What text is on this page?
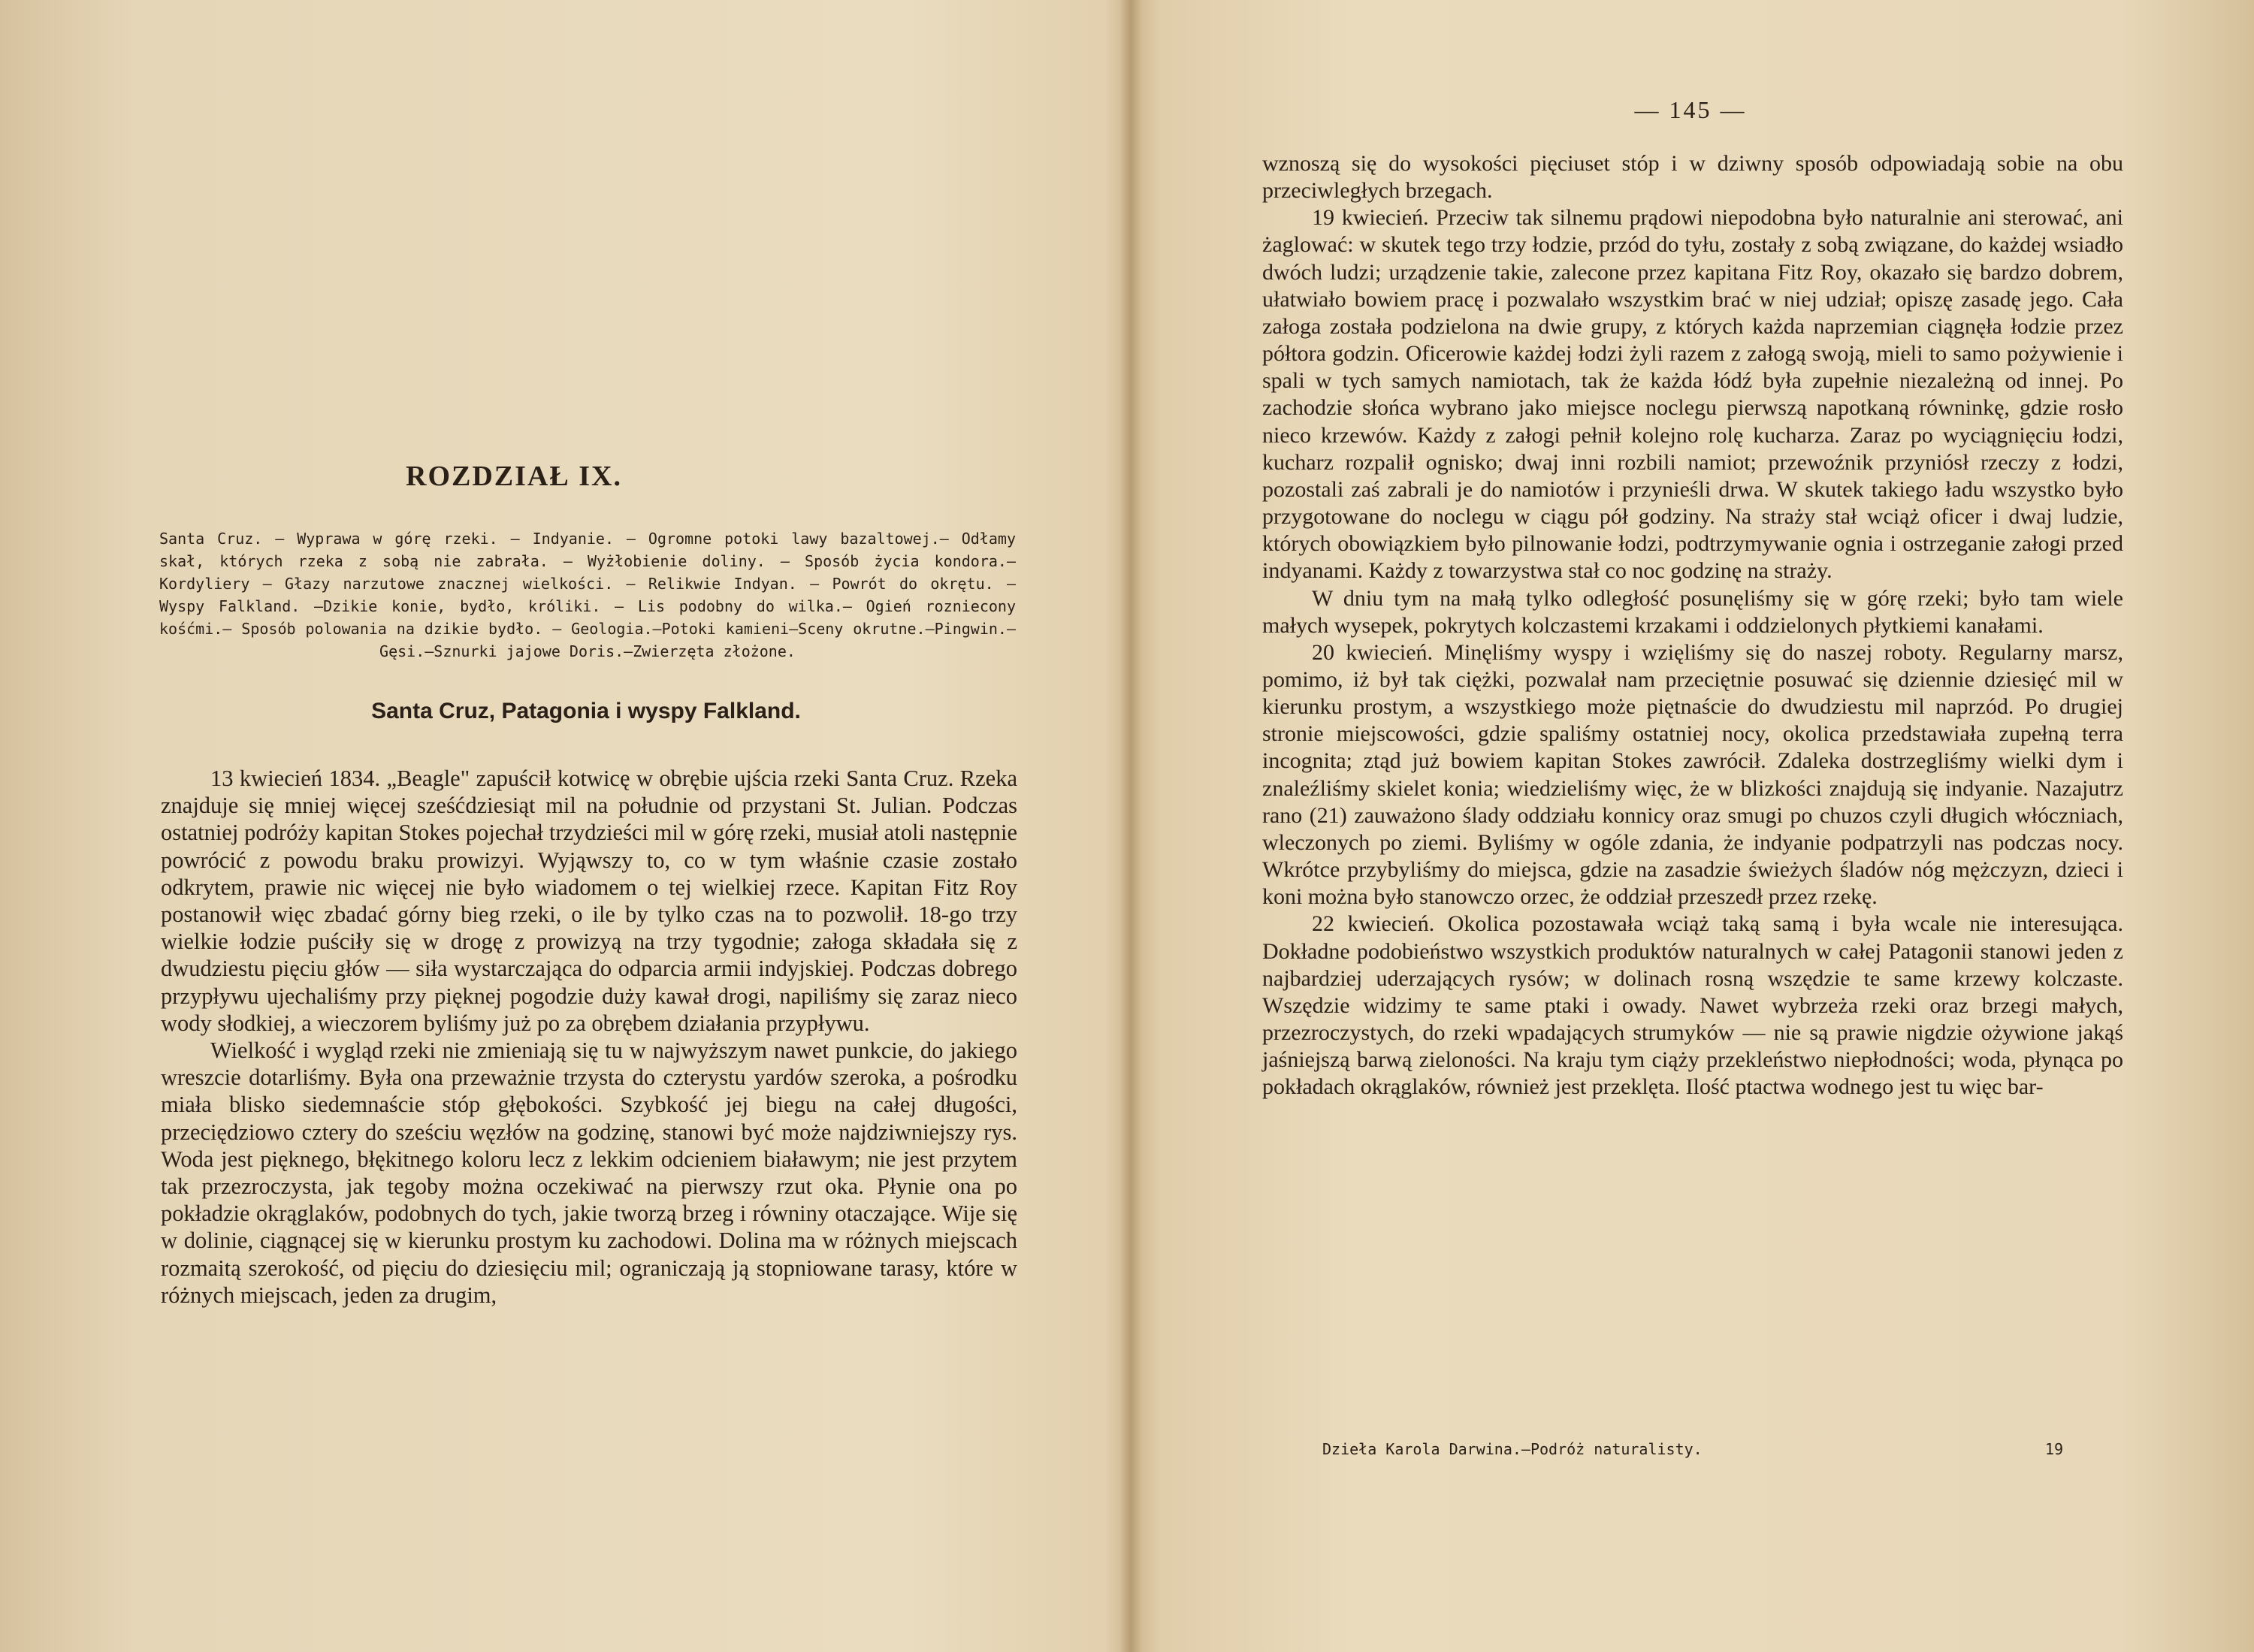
ROZDZIAŁ IX.

Santa Cruz. — Wyprawa w górę rzeki. — Indyanie. — Ogromne potoki lawy bazaltowej.— Odłamy skał, których rzeka z sobą nie zabrała. — Wyżłobienie doliny. — Sposób życia kondora.—Kordyliery — Głazy narzutowe znacznej wielkości. — Relikwie Indyan. — Powrót do okrętu. — Wyspy Falkland. —Dzikie konie, bydło, króliki. — Lis podobny do wilka.— Ogień rozniecony kośćmi.— Sposób polowania na dzikie bydło. — Geologia.—Potoki kamieni—Sceny okrutne.—Pingwin.—Gęsi.—Sznurki jajowe Doris.—Zwierzęta złożone.

Santa Cruz, Patagonia i wyspy Falkland.

13 kwiecień 1834. „Beagle" zapuścił kotwicę w obrębie ujścia rzeki Santa Cruz. Rzeka znajduje się mniej więcej sześćdziesiąt mil na południe od przystani St. Julian. Podczas ostatniej podróży kapitan Stokes pojechał trzydzieści mil w górę rzeki, musiał atoli następnie powrócić z powodu braku prowizyi. Wyjąwszy to, co w tym właśnie czasie zostało odkrytem, prawie nic więcej nie było wiadomem o tej wielkiej rzece. Kapitan Fitz Roy postanowił więc zbadać górny bieg rzeki, o ile by tylko czas na to pozwolił. 18-go trzy wielkie łodzie puściły się w drogę z prowizyą na trzy tygodnie; załoga składała się z dwudziestu pięciu głów — siła wystarczająca do odparcia armii indyjskiej. Podczas dobrego przypływu ujechaliśmy przy pięknej pogodzie duży kawał drogi, napiliśmy się zaraz nieco wody słodkiej, a wieczorem byliśmy już po za obrębem działania przypływu.

Wielkość i wygląd rzeki nie zmieniają się tu w najwyższym nawet punkcie, do jakiego wreszcie dotarliśmy. Była ona przeważnie trzysta do czterystu yardów szeroka, a pośrodku miała blisko siedemnaście stóp głębokości. Szybkość jej biegu na całej długości, przeciędziowo cztery do sześciu węzłów na godzinę, stanowi być może najdziwniejszy rys. Woda jest pięknego, błękitnego koloru lecz z lekkim odcieniem białawym; nie jest przytem tak przezroczysta, jak tegoby można oczekiwać na pierwszy rzut oka. Płynie ona po pokładzie okrąglaków, podobnych do tych, jakie tworzą brzeg i równiny otaczające. Wije się w dolinie, ciągnącej się w kierunku prostym ku zachodowi. Dolina ma w różnych miejscach rozmaitą szerokość, od pięciu do dziesięciu mil; ograniczają ją stopniowane tarasy, które w różnych miejscach, jeden za drugim,

— 145 —

wznoszą się do wysokości pięciuset stóp i w dziwny sposób odpowiadają sobie na obu przeciwległych brzegach.

19 kwiecień. Przeciw tak silnemu prądowi niepodobna było naturalnie ani sterować, ani żaglować: w skutek tego trzy łodzie, przód do tyłu, zostały z sobą związane, do każdej wsiadło dwóch ludzi; urządzenie takie, zalecone przez kapitana Fitz Roy, okazało się bardzo dobrem, ułatwiało bowiem pracę i pozwalało wszystkim brać w niej udział; opiszę zasadę jego. Cała załoga została podzielona na dwie grupy, z których każda naprzemian ciągnęła łodzie przez półtora godzin. Oficerowie każdej łodzi żyli razem z załogą swoją, mieli to samo pożywienie i spali w tych samych namiotach, tak że każda łódź była zupełnie niezależną od innej. Po zachodzie słońca wybrano jako miejsce noclegu pierwszą napotkaną równinkę, gdzie rosło nieco krzewów. Każdy z załogi pełnił kolejno rolę kucharza. Zaraz po wyciągnięciu łodzi, kucharz rozpalił ognisko; dwaj inni rozbili namiot; przewoźnik przyniósł rzeczy z łodzi, pozostali zaś zabrali je do namiotów i przynieśli drwa. W skutek takiego ładu wszystko było przygotowane do noclegu w ciągu pół godziny. Na straży stał wciąż oficer i dwaj ludzie, których obowiązkiem było pilnowanie łodzi, podtrzymywanie ognia i ostrzeganie załogi przed indyanami. Każdy z towarzystwa stał co noc godzinę na straży.

W dniu tym na małą tylko odległość posunęliśmy się w górę rzeki; było tam wiele małych wysepek, pokrytych kolczastemi krzakami i oddzielonych płytkiemi kanałami.

20 kwiecień. Minęliśmy wyspy i wzięliśmy się do naszej roboty. Regularny marsz, pomimo, iż był tak ciężki, pozwalał nam przeciętnie posuwać się dziennie dziesięć mil w kierunku prostym, a wszystkiego może piętnaście do dwudziestu mil naprzód. Po drugiej stronie miejscowości, gdzie spaliśmy ostatniej nocy, okolica przedstawiała zupełną terra incognita; ztąd już bowiem kapitan Stokes zawrócił. Zdaleka dostrzegliśmy wielki dym i znaleźliśmy skielet konia; wiedzieliśmy więc, że w blizkości znajdują się indyanie. Nazajutrz rano (21) zauważono ślady oddziału konnicy oraz smugi po chuzos czyli długich włóczniach, wleczonych po ziemi. Byliśmy w ogóle zdania, że indyanie podpatrzyli nas podczas nocy. Wkrótce przybyliśmy do miejsca, gdzie na zasadzie świeżych śladów nóg mężczyzn, dzieci i koni można było stanowczo orzec, że oddział przeszedł przez rzekę.

22 kwiecień. Okolica pozostawała wciąż taką samą i była wcale nie interesująca. Dokładne podobieństwo wszystkich produktów naturalnych w całej Patagonii stanowi jeden z najbardziej uderzających rysów; w dolinach rosną wszędzie te same krzewy kolczaste. Wszędzie widzimy te same ptaki i owady. Nawet wybrzeża rzeki oraz brzegi małych, przezroczystych, do rzeki wpadających strumyków — nie są prawie nigdzie ożywione jakąś jaśniejszą barwą zieloności. Na kraju tym ciąży przekleństwo niepłodności; woda, płynąca po pokładach okrąglaków, również jest przeklęta. Ilość ptactwa wodnego jest tu więc bar-

Dzieła Karola Darwina.—Podróż naturalisty.	19
